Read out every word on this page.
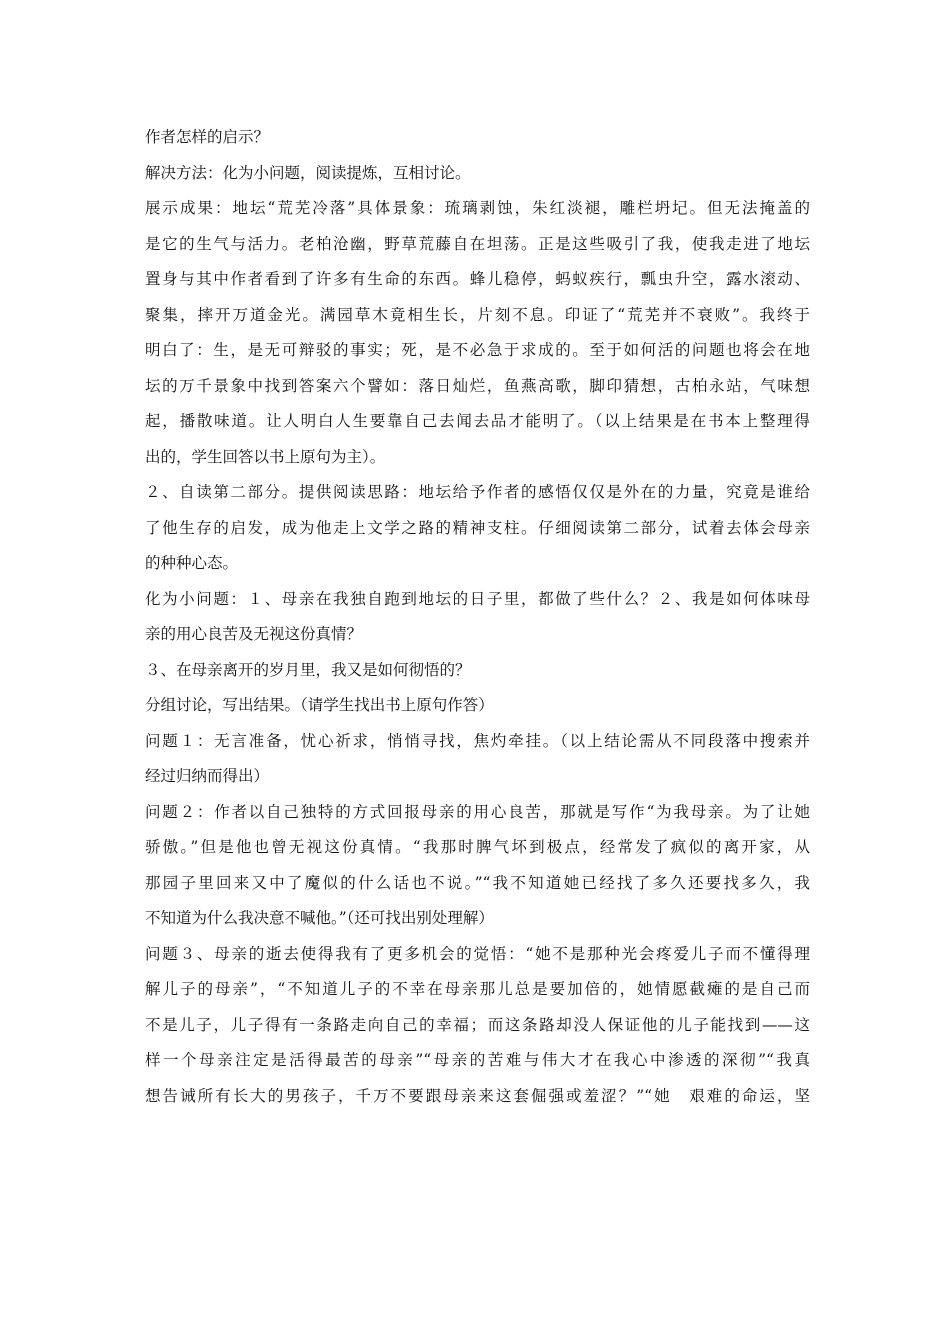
作者怎样的启示？
解决方法：化为小问题，阅读提炼，互相讨论。
展示成果：地坛“荒芜冷落”具体景象：琉璃剥蚀，朱红淡褪，雕栏坍圮。但无法掩盖的
是它的生气与活力。老柏沧幽，野草荒藤自在坦荡。正是这些吸引了我，使我走进了地坛
置身与其中作者看到了许多有生命的东西。蜂儿稳停，蚂蚁疾行，瓢虫升空，露水滚动、
聚集，摔开万道金光。满园草木竟相生长，片刻不息。印证了“荒芜并不衰败”。我终于
明白了：生，是无可辩驳的事实；死，是不必急于求成的。至于如何活的问题也将会在地
坛的万千景象中找到答案六个譬如：落日灿烂，鱼燕高歌，脚印猜想，古柏永站，气味想
起，播散味道。让人明白人生要靠自己去闻去品才能明了。（以上结果是在书本上整理得
出的，学生回答以书上原句为主）。
２、自读第二部分。提供阅读思路：地坛给予作者的感悟仅仅是外在的力量，究竟是谁给
了他生存的启发，成为他走上文学之路的精神支柱。仔细阅读第二部分，试着去体会母亲
的种种心态。
化为小问题：１、母亲在我独自跑到地坛的日子里，都做了些什么？２、我是如何体味母
亲的用心良苦及无视这份真情？
３、在母亲离开的岁月里，我又是如何彻悟的？
分组讨论，写出结果。（请学生找出书上原句作答）
问题１：无言准备，忧心祈求，悄悄寻找，焦灼牵挂。（以上结论需从不同段落中搜索并
经过归纳而得出）
问题２：作者以自己独特的方式回报母亲的用心良苦，那就是写作“为我母亲。为了让她
骄傲。”但是他也曾无视这份真情。“我那时脾气坏到极点，经常发了疯似的离开家，从
那园子里回来又中了魔似的什么话也不说。”“我不知道她已经找了多久还要找多久，我
不知道为什么我决意不喊他。”（还可找出别处理解）
问题３、母亲的逝去使得我有了更多机会的觉悟：“她不是那种光会疼爱儿子而不懂得理
解儿子的母亲”，“不知道儿子的不幸在母亲那儿总是要加倍的，她情愿截瘫的是自己而
不是儿子，儿子得有一条路走向自己的幸福；而这条路却没人保证他的儿子能找到——这
样一个母亲注定是活得最苦的母亲”“母亲的苦难与伟大才在我心中渗透的深彻”“我真
想告诫所有长大的男孩子，千万不要跟母亲来这套倔强或羞涩？”“她　艰难的命运，坚
